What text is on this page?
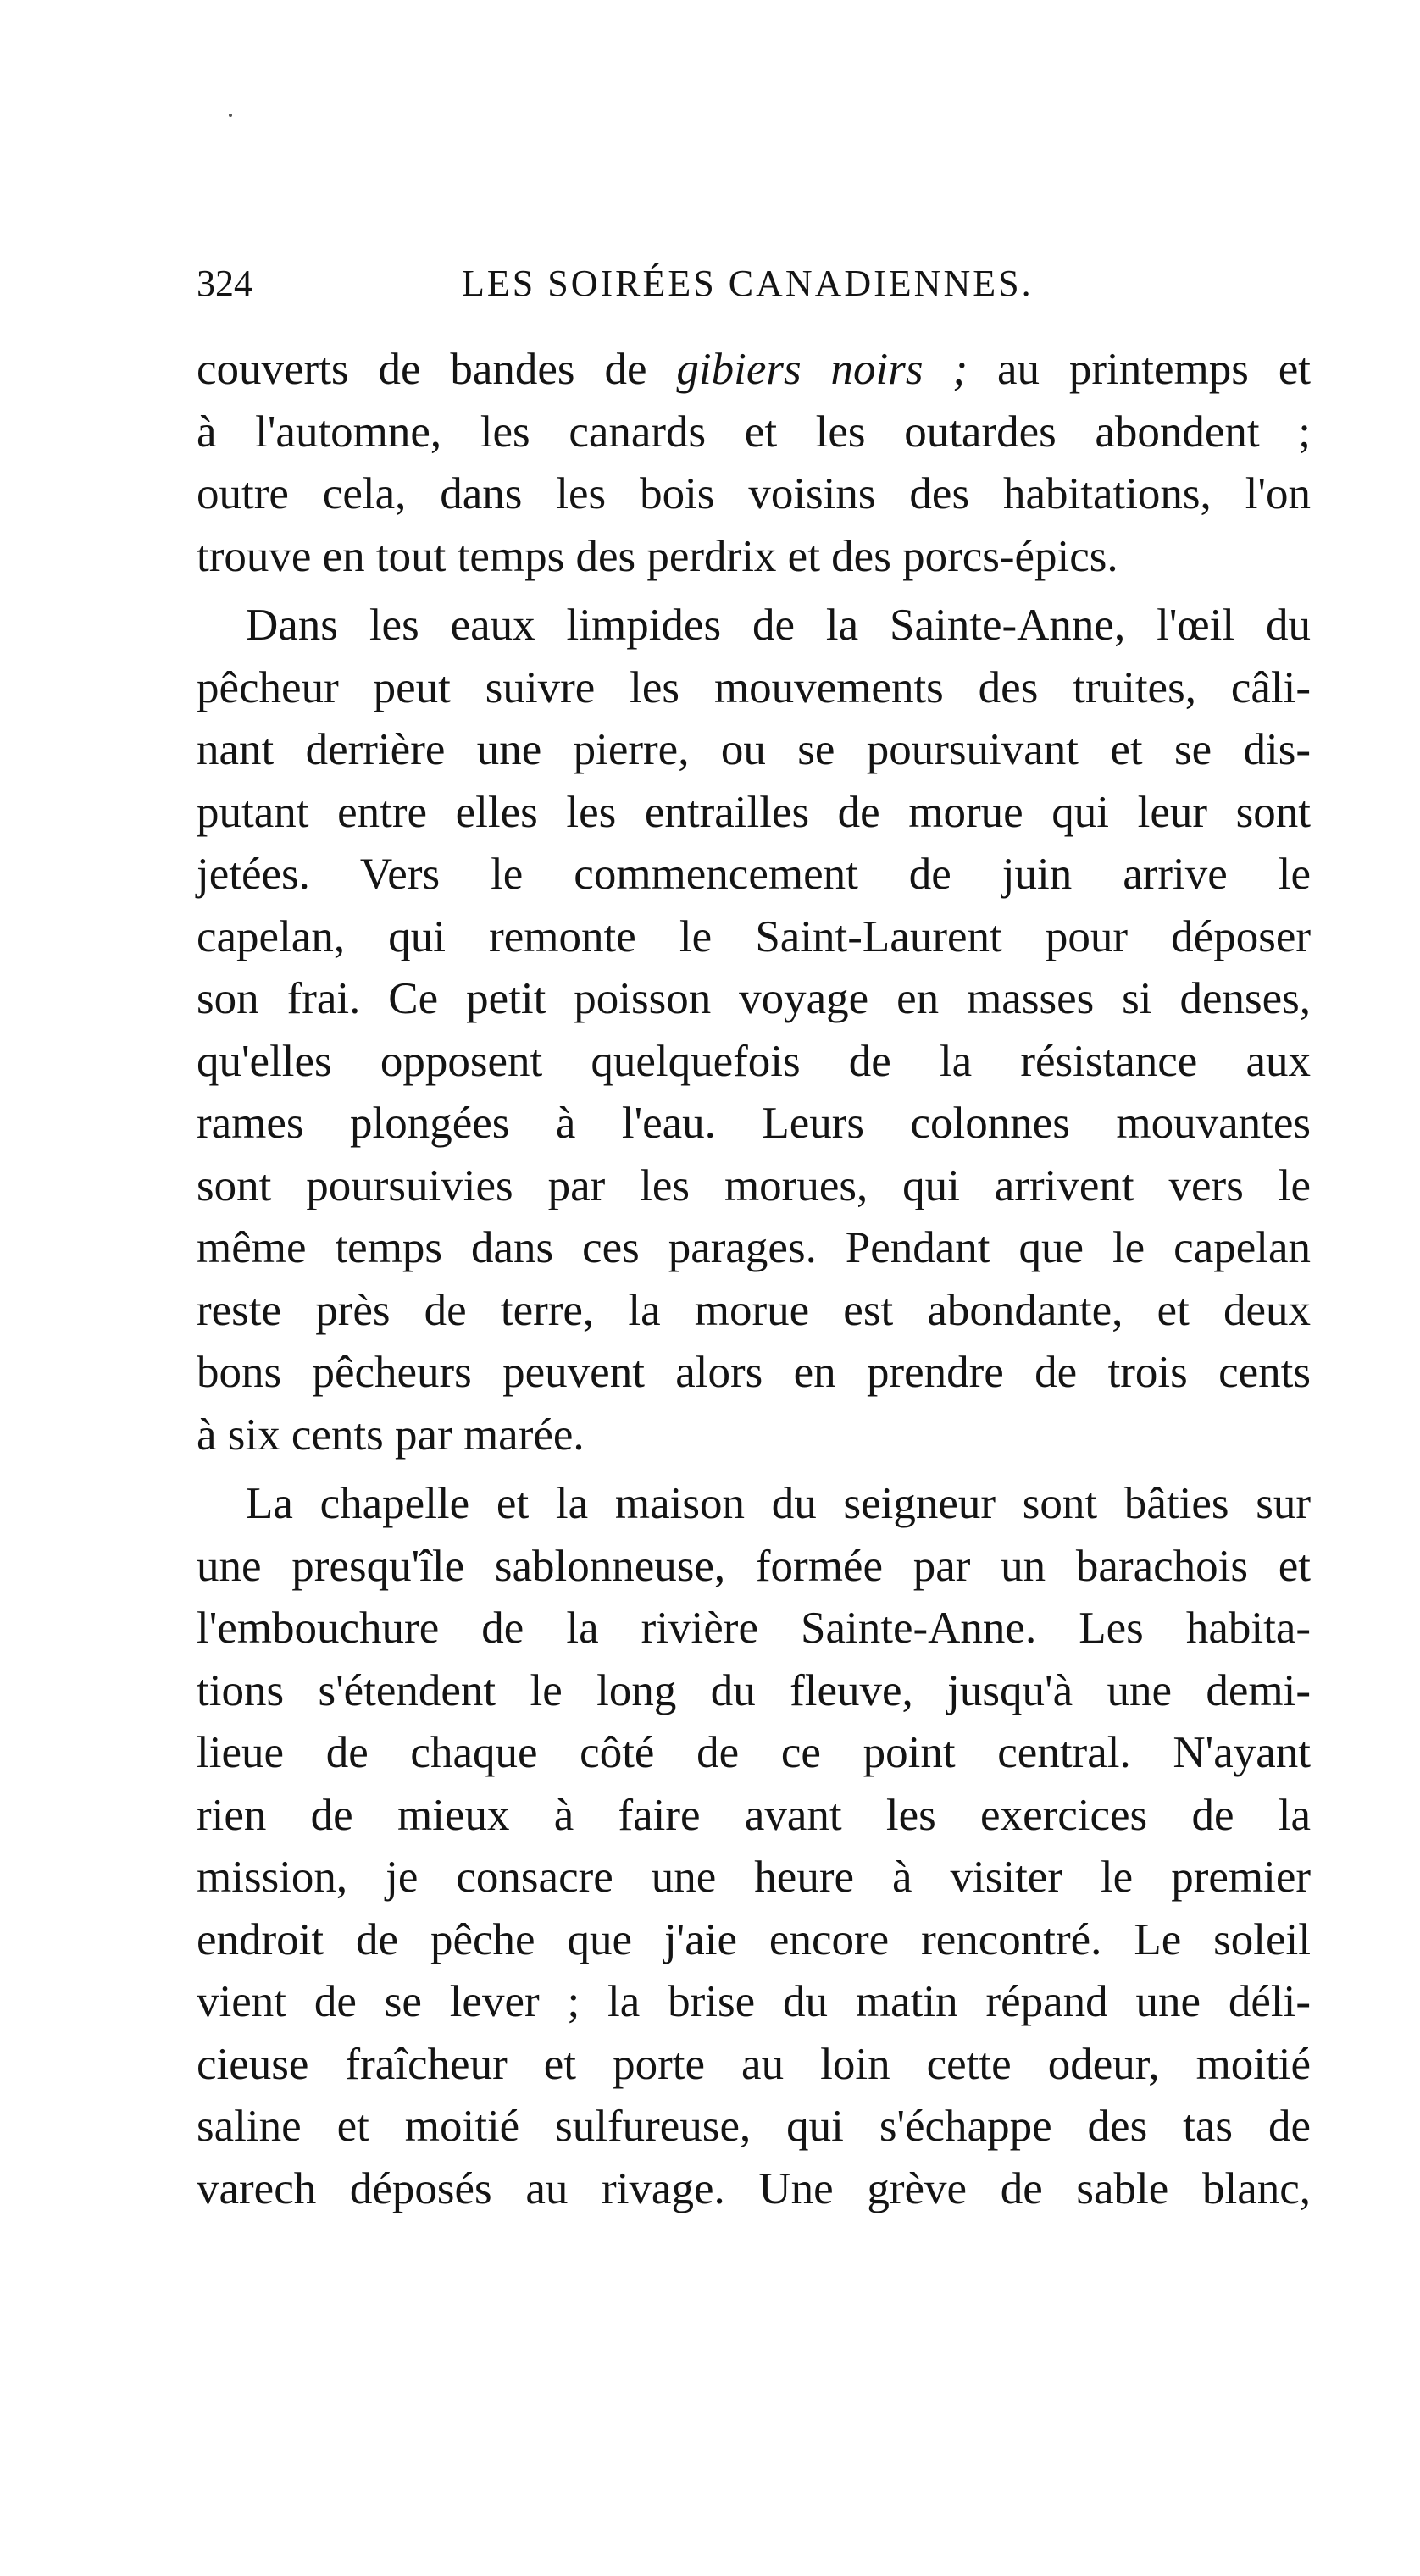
324	LES SOIRÉES CANADIENNES.
couverts de bandes de gibiers noirs ; au printemps et
à l'automne, les canards et les outardes abondent ;
outre cela, dans les bois voisins des habitations, l'on
trouve en tout temps des perdrix et des porcs-épics.
Dans les eaux limpides de la Sainte-Anne, l'œil du
pêcheur peut suivre les mouvements des truites, câli-
nant derrière une pierre, ou se poursuivant et se dis-
putant entre elles les entrailles de morue qui leur sont
jetées. Vers le commencement de juin arrive le
capelan, qui remonte le Saint-Laurent pour déposer
son frai. Ce petit poisson voyage en masses si denses,
qu'elles opposent quelquefois de la résistance aux
rames plongées à l'eau. Leurs colonnes mouvantes
sont poursuivies par les morues, qui arrivent vers le
même temps dans ces parages. Pendant que le capelan
reste près de terre, la morue est abondante, et deux
bons pêcheurs peuvent alors en prendre de trois cents
à six cents par marée.
La chapelle et la maison du seigneur sont bâties sur
une presqu'île sablonneuse, formée par un barachois et
l'embouchure de la rivière Sainte-Anne. Les habita-
tions s'étendent le long du fleuve, jusqu'à une demi-
lieue de chaque côté de ce point central. N'ayant
rien de mieux à faire avant les exercices de la
mission, je consacre une heure à visiter le premier
endroit de pêche que j'aie encore rencontré. Le soleil
vient de se lever ; la brise du matin répand une déli-
cieuse fraîcheur et porte au loin cette odeur, moitié
saline et moitié sulfureuse, qui s'échappe des tas de
varech déposés au rivage. Une grève de sable blanc,
